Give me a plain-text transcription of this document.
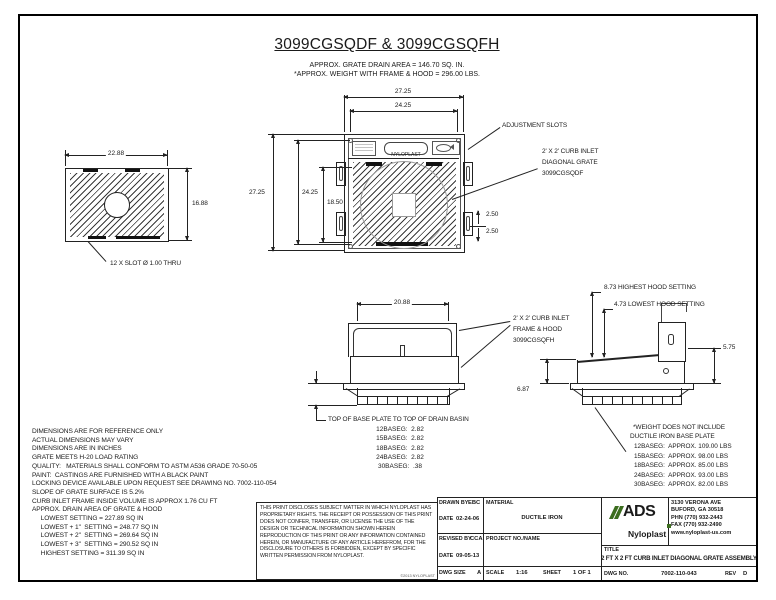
3099CGSQDF & 3099CGSQFH
APPROX. GRATE DRAIN AREA = 146.70 SQ. IN.
*APPROX. WEIGHT WITH FRAME & HOOD = 296.00 LBS.
22.88
16.88
12 X SLOT Ø 1.00 THRU
NYLOPLAST
27.25
24.25
27.25	24.25
18.50
2.50
2.50
ADJUSTMENT SLOTS
2' X 2' CURB INLET
DIAGONAL GRATE
3099CGSQDF
20.88
2' X 2' CURB INLET
FRAME & HOOD
3099CGSQFH
TOP OF BASE PLATE TO TOP OF DRAIN BASIN
12BASEG:  2.82
15BASEG:  2.82
18BASEG:  2.82
24BASEG:  2.82
30BASEG:  .38
8.73 HIGHEST HOOD SETTING
4.73 LOWEST HOOD SETTING
5.75
6.87
*WEIGHT DOES NOT INCLUDE
DUCTILE IRON BASE PLATE
12BASEG:  APPROX. 109.00 LBS
15BASEG:  APPROX. 98.00 LBS
18BASEG:  APPROX. 85.00 LBS
24BASEG:  APPROX. 93.00 LBS
30BASEG:  APPROX. 82.00 LBS
DIMENSIONS ARE FOR REFERENCE ONLY
ACTUAL DIMENSIONS MAY VARY
DIMENSIONS ARE IN INCHES
GRATE MEETS H-20 LOAD RATING
QUALITY:   MATERIALS SHALL CONFORM TO ASTM A536 GRADE 70-50-05
PAINT:  CASTINGS ARE FURNISHED WITH A BLACK PAINT
LOCKING DEVICE AVAILABLE UPON REQUEST SEE DRAWING NO. 7002-110-054
SLOPE OF GRATE SURFACE IS 5.2%
CURB INLET FRAME INSIDE VOLUME IS APPROX 1.76 CU FT
APPROX. DRAIN AREA OF GRATE & HOOD
LOWEST SETTING = 227.89 SQ IN
LOWEST + 1"  SETTING = 248.77 SQ IN
LOWEST + 2"  SETTING = 269.64 SQ IN
LOWEST + 3"  SETTING = 290.52 SQ IN
HIGHEST SETTING = 311.39 SQ IN
THIS PRINT DISCLOSES SUBJECT MATTER IN WHICH NYLOPLAST HAS PROPRIETARY RIGHTS. THE RECEIPT OR POSSESSION OF THIS PRINT DOES NOT CONFER, TRANSFER, OR LICENSE THE USE OF THE DESIGN OR TECHNICAL INFORMATION SHOWN HEREIN REPRODUCTION OF THIS PRINT OR ANY INFORMATION CONTAINED HEREIN, OR MANUFACTURE OF ANY ARTICLE HEREFROM, FOR THE DISCLOSURE TO OTHERS IS FORBIDDEN, EXCEPT BY SPECIFIC WRITTEN PERMISSION FROM NYLOPLAST.
©2013 NYLOPLAST
DRAWN BY EBC
DATE 02-24-06
REVISED BY
CCA
DATE 09-05-13
DWG SIZE A
MATERIAL
DUCTILE IRON
PROJECT NO./NAME
SCALE 1:16	SHEET 1 OF 1
ADS
Nyloplast
3130 VERONA AVE
BUFORD, GA 30518
PHN (770) 932-2443
FAX (770) 932-2490
www.nyloplast-us.com
TITLE
2 FT X 2 FT CURB INLET DIAGONAL GRATE ASSEMBLY
DWG NO.	7002-110-043	REV D
